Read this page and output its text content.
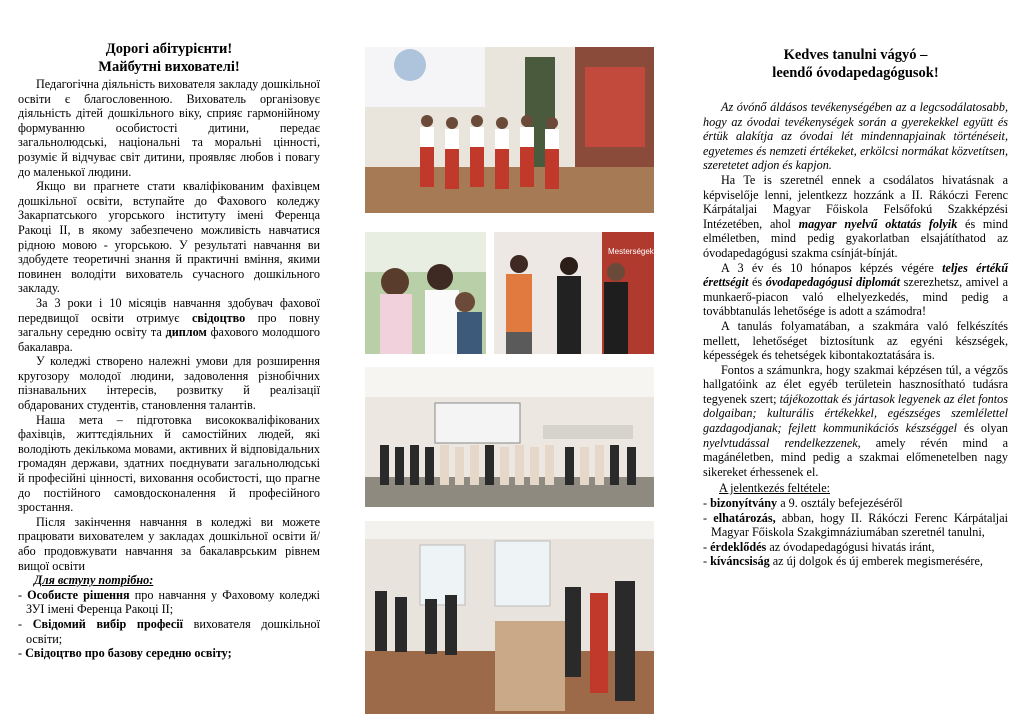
Дорогі абітурієнти!
Майбутні вихователі!

Педагогічна діяльність вихователя закладу дошкільної освіти є благословенною. Вихователь організовує діяльність дітей дошкільного віку, сприяє гармонійному формуванню особистості дитини, передає загальнолюдські, національні та моральні цінності, розуміє й відчуває світ дитини, проявляє любов і повагу до маленької людини.

Якщо ви прагнете стати кваліфікованим фахівцем дошкільної освіти, вступайте до Фахового коледжу Закарпатського угорського інституту імені Ференца Ракоці II, в якому забезпечено можливість навчатися рідною мовою - угорською. У результаті навчання ви здобудете теоретичні знання й практичні вміння, якими повинен володіти вихователь сучасного дошкільного закладу.

За 3 роки і 10 місяців навчання здобувач фахової передвищої освіти отримує свідоцтво про повну загальну середню освіту та диплом фахового молодшого бакалавра.

У коледжі створено належні умови для розширення кругозору молодої людини, задоволення різнобічних пізнавальних інтересів, розвитку й реалізації обдарованих студентів, становлення талантів.

Наша мета – підготовка висококваліфікованих фахівців, життєдіяльних й самостійних людей, які володіють декількома мовами, активних й відповідальних громадян держави, здатних поєднувати загальнолюдські й професійні цінності, виховання особистості, що прагне до постійного самовдосконалення й професійного зростання.

Після закінчення навчання в коледжі ви можете працювати вихователем у закладах дошкільної освіти й/або продовжувати навчання за бакалаврським рівнем вищої освіти

Для вступу потрібно:
- Особисте рішення про навчання у Фаховому коледжі ЗУІ імені Ференца Ракоці ІІ;
- Свідомий вибір професії вихователя дошкільної освіти;
- Свідоцтво про базову середню освіту;
Mesterségek LÁGYE
Kedves tanulni vágyó –
leendő óvodapedagógusok!

Az óvónő áldásos tevékenységében az a legcsodálatosabb, hogy az óvodai tevékenységek során a gyerekekkel együtt és értük alakítja az óvodai lét mindennapjainak történéseit, egyetemes és nemzeti értékeket, erkölcsi normákat közvetítsen, szeretetet adjon és kapjon.

Ha Te is szeretnél ennek a csodálatos hivatásnak a képviselője lenni, jelentkezz hozzánk a II. Rákóczi Ferenc Kárpátaljai Magyar Főiskola Felsőfokú Szakképzési Intézetében, ahol magyar nyelvű oktatás folyik és mind elméletben, mind pedig gyakorlatban elsajátíthatod az óvodapedagógusi szakma csínját-bínját.

A 3 év és 10 hónapos képzés végére teljes értékű érettségit és óvodapedagógusi diplomát szerezhetsz, amivel a munkaerő-piacon való elhelyezkedés, mind pedig a továbbtanulás lehetősége is adott a számodra!

A tanulás folyamatában, a szakmára való felkészítés mellett, lehetőséget biztosítunk az egyéni készségek, képességek és tehetségek kibontakoztatására is.

Fontos a számunkra, hogy szakmai képzésen túl, a végzős hallgatóink az élet egyéb területein hasznosítható tudásra tegyenek szert; tájékozottak és jártasok legyenek az élet fontos dolgaiban; kulturális értékekkel, egészséges szemlélettel gazdagodjanak; fejlett kommunikációs készséggel és olyan nyelvtudással rendelkezzenek, amely révén mind a magánéletben, mind pedig a szakmai előmenetelben nagy sikereket érhessenek el.

A jelentkezés feltétele:
- bizonyítvány a 9. osztály befejezéséről
- elhatározás, abban, hogy II. Rákóczi Ferenc Kárpátaljai Magyar Főiskola Szakgimnáziumában szeretnél tanulni,
- érdeklődés az óvodapedagógusi hivatás iránt,
- kíváncsiság az új dolgok és új emberek megismerésére,
